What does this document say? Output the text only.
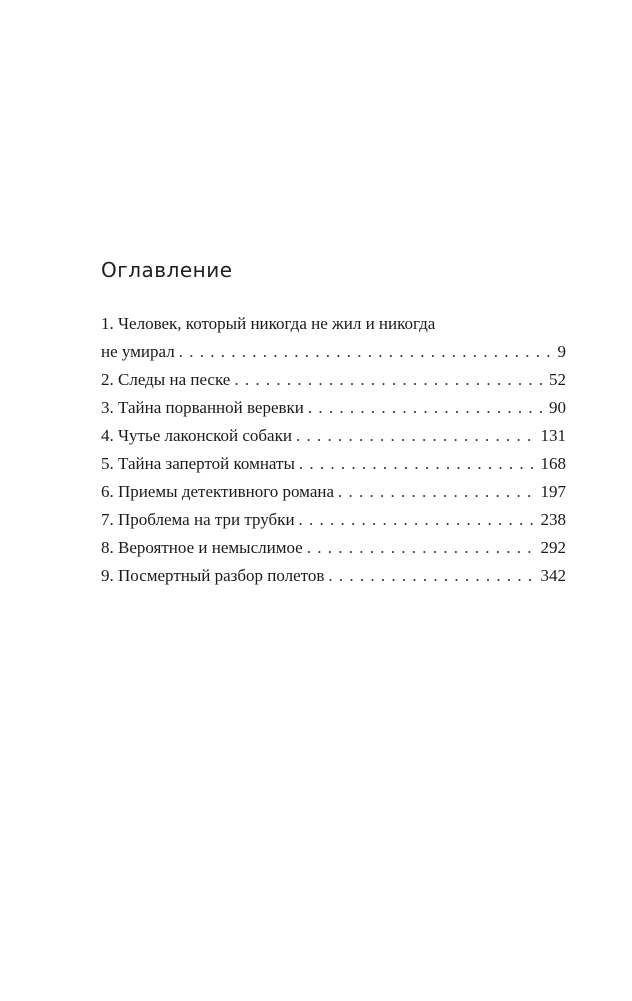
Оглавление
1. Человек, который никогда не жил и никогда
не умирал . . .	9
2. Следы на песке . . .	52
3. Тайна порванной веревки . . .	90
4. Чутье лаконской собаки . . .	131
5. Тайна запертой комнаты . . .	168
6. Приемы детективного романа . . .	197
7. Проблема на три трубки . . .	238
8. Вероятное и немыслимое . . .	292
9. Посмертный разбор полетов . . .	342
